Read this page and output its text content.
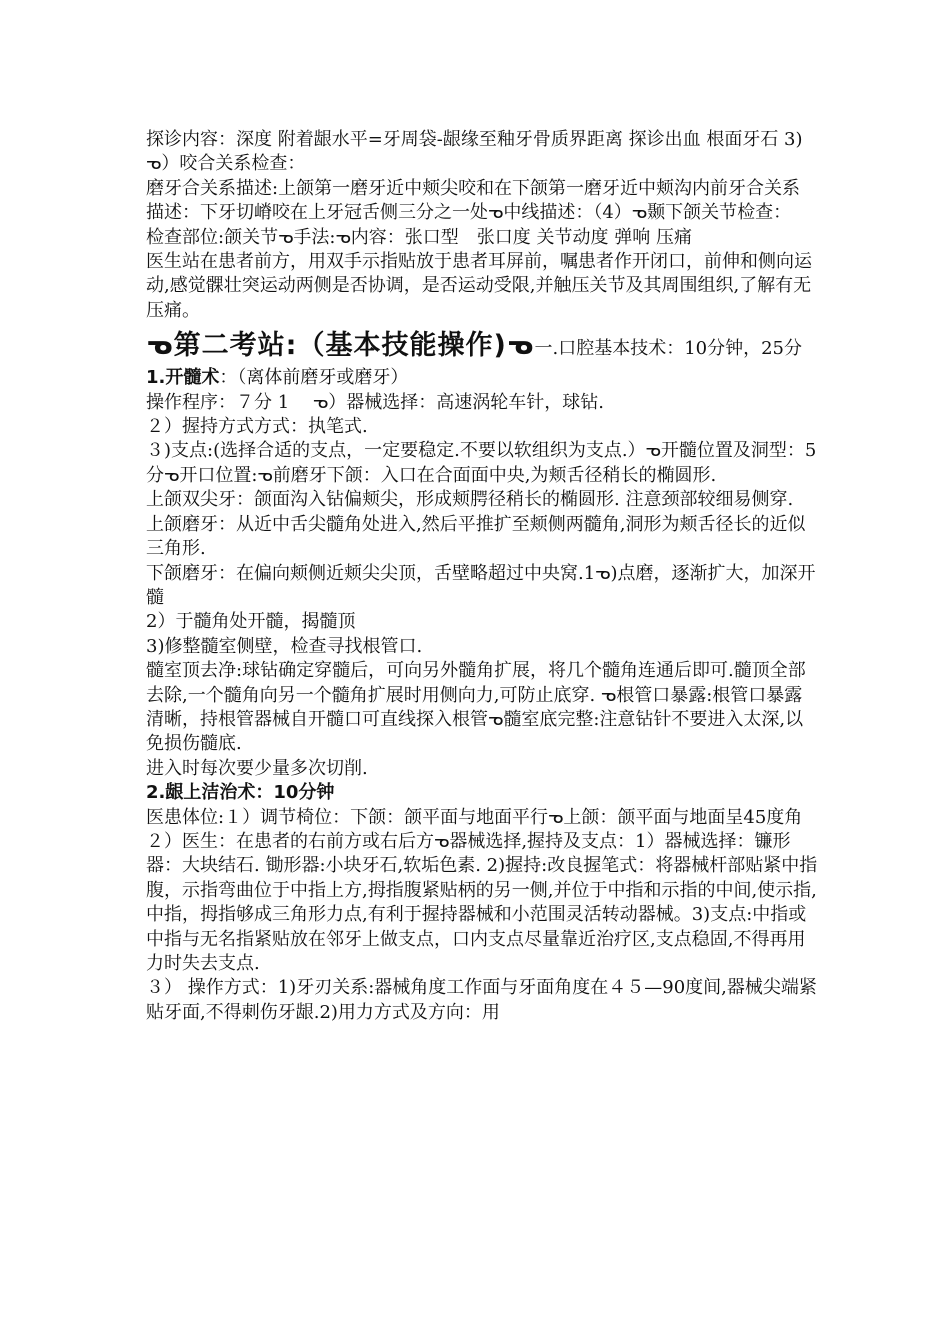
探诊内容：深度 附着龈水平=牙周袋-龈缘至釉牙骨质界距离 探诊出血 根面牙石 3)ᓀ）咬合关系检查：

磨牙合关系描述:上颌第一磨牙近中颊尖咬和在下颌第一磨牙近中颊沟内前牙合关系描述：下牙切嵴咬在上牙冠舌侧三分之一处ᓀ中线描述：（4）ᓀ颞下颌关节检查：

检查部位:颌关节ᓀ手法:ᓀ内容：张口型　张口度 关节动度 弹响 压痛

医生站在患者前方，用双手示指贴放于患者耳屏前，嘱患者作开闭口，前伸和侧向运动,感觉髁壮突运动两侧是否协调，是否运动受限,并触压关节及其周围组织,了解有无压痛。

ᓀ第二考站:（基本技能操作)ᓀ一.口腔基本技术：10分钟，25分

1.开髓术：（离体前磨牙或磨牙）

操作程序：７分 1　 ᓀ）器械选择：高速涡轮车针，球钻.

２）握持方式方式：执笔式.

３)支点:(选择合适的支点，一定要稳定.不要以软组织为支点.）ᓀ开髓位置及洞型：5分ᓀ开口位置:ᓀ前磨牙下颌：入口在合面面中央,为颊舌径稍长的椭圆形.

上颌双尖牙：颌面沟入钻偏颊尖，形成颊腭径稍长的椭圆形. 注意颈部较细易侧穿.

上颌磨牙：从近中舌尖髓角处进入,然后平推扩至颊侧两髓角,洞形为颊舌径长的近似三角形.

下颌磨牙：在偏向颊侧近颊尖尖顶，舌壁略超过中央窝.1ᓀ)点磨，逐渐扩大，加深开髓

2）于髓角处开髓，揭髓顶

3)修整髓室侧壁，检查寻找根管口.

髓室顶去净:球钻确定穿髓后，可向另外髓角扩展，将几个髓角连通后即可.髓顶全部去除,一个髓角向另一个髓角扩展时用侧向力,可防止底穿. ᓀ根管口暴露:根管口暴露清晰，持根管器械自开髓口可直线探入根管ᓀ髓室底完整:注意钻针不要进入太深,以免损伤髓底.

进入时每次要少量多次切削.

2.龈上洁治术：10分钟

医患体位:１）调节椅位：下颌：颌平面与地面平行ᓀ上颌：颌平面与地面呈45度角

２）医生：在患者的右前方或右后方ᓀ器械选择,握持及支点：1）器械选择：镰形器：大块结石. 锄形器:小块牙石,软垢色素. 2)握持:改良握笔式：将器械杆部贴紧中指腹，示指弯曲位于中指上方,拇指腹紧贴柄的另一侧,并位于中指和示指的中间,使示指,中指，拇指够成三角形力点,有利于握持器械和小范围灵活转动器械。3)支点:中指或中指与无名指紧贴放在邻牙上做支点，口内支点尽量靠近治疗区,支点稳固,不得再用力时失去支点.

３） 操作方式：1)牙刃关系:器械角度工作面与牙面角度在４５—90度间,器械尖端紧贴牙面,不得刺伤牙龈.2)用力方式及方向：用
